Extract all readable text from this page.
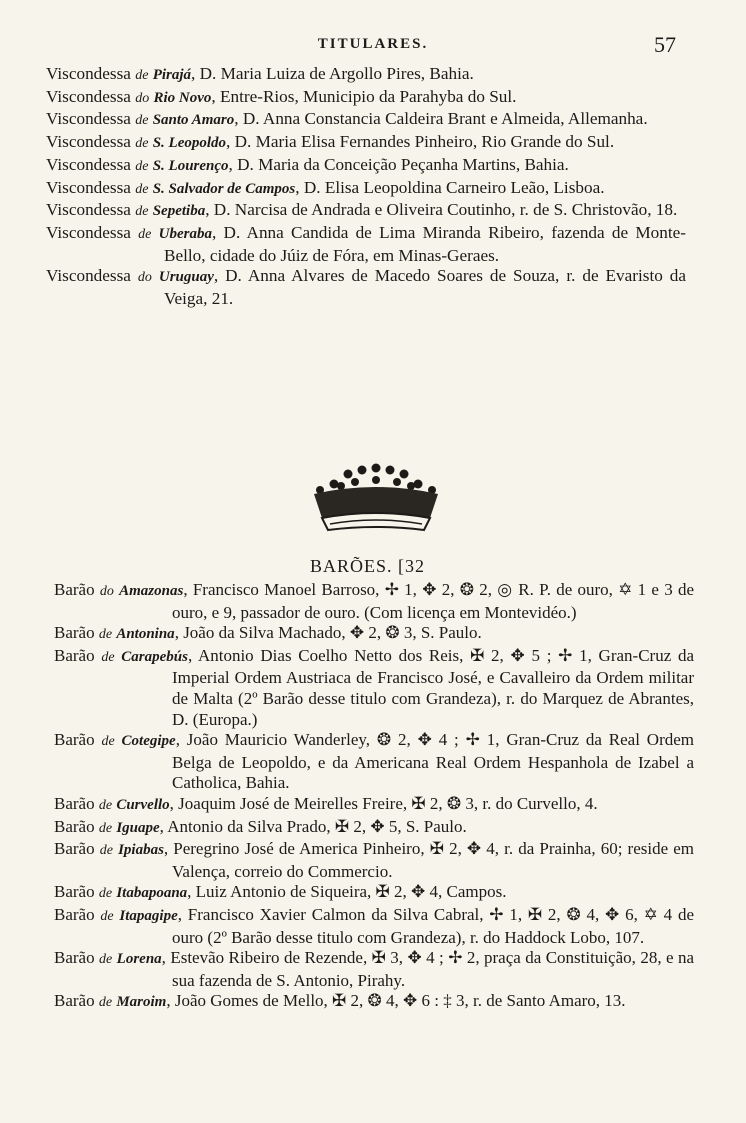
TITULARES.	57

Viscondessa de Pirajá, D. Maria Luiza de Argollo Pires, Bahia.

Viscondessa do Rio Novo, Entre-Rios, Municipio da Parahyba do Sul.

Viscondessa de Santo Amaro, D. Anna Constancia Caldeira Brant e Almeida, Allemanha.

Viscondessa de S. Leopoldo, D. Maria Elisa Fernandes Pinheiro, Rio Grande do Sul.

Viscondessa de S. Lourenço, D. Maria da Conceição Peçanha Martins, Bahia.

Viscondessa de S. Salvador de Campos, D. Elisa Leopoldina Carneiro Leão, Lisboa.

Viscondessa de Sepetiba, D. Narcisa de Andrada e Oliveira Coutinho, r. de S. Christovão, 18.

Viscondessa de Uberaba, D. Anna Candida de Lima Miranda Ribeiro, fazenda de Monte-Bello, cidade do Júiz de Fóra, em Minas-Geraes.

Viscondessa do Uruguay, D. Anna Alvares de Macedo Soares de Souza, r. de Evaristo da Veiga, 21.

BARÕES. [32

Barão do Amazonas, Francisco Manoel Barroso, ✢ 1, ✥ 2, ❂ 2, ◎ R. P. de ouro, ✡ 1 e 3 de ouro, e 9, passador de ouro. (Com licença em Montevidéo.)

Barão de Antonina, João da Silva Machado, ✥ 2, ❂ 3, S. Paulo.

Barão de Carapebús, Antonio Dias Coelho Netto dos Reis, ✠ 2, ✥ 5 ; ✢ 1, Gran-Cruz da Imperial Ordem Austriaca de Francisco José, e Cavalleiro da Ordem militar de Malta (2º Barão desse titulo com Grandeza), r. do Marquez de Abrantes, D. (Europa.)

Barão de Cotegipe, João Mauricio Wanderley, ❂ 2, ✥ 4 ; ✢ 1, Gran-Cruz da Real Ordem Belga de Leopoldo, e da Americana Real Ordem Hespanhola de Izabel a Catholica, Bahia.

Barão de Curvello, Joaquim José de Meirelles Freire, ✠ 2, ❂ 3, r. do Curvello, 4.

Barão de Iguape, Antonio da Silva Prado, ✠ 2, ✥ 5, S. Paulo.

Barão de Ipiabas, Peregrino José de America Pinheiro, ✠ 2, ✥ 4, r. da Prainha, 60; reside em Valença, correio do Commercio.

Barão de Itabapoana, Luiz Antonio de Siqueira, ✠ 2, ✥ 4, Campos.

Barão de Itapagipe, Francisco Xavier Calmon da Silva Cabral, ✢ 1, ✠ 2, ❂ 4, ✥ 6, ✡ 4 de ouro (2º Barão desse titulo com Grandeza), r. do Haddock Lobo, 107.

Barão de Lorena, Estevão Ribeiro de Rezende, ✠ 3, ✥ 4 ; ✢ 2, praça da Constituição, 28, e na sua fazenda de S. Antonio, Pirahy.

Barão de Maroim, João Gomes de Mello, ✠ 2, ❂ 4, ✥ 6 : ‡ 3, r. de Santo Amaro, 13.
